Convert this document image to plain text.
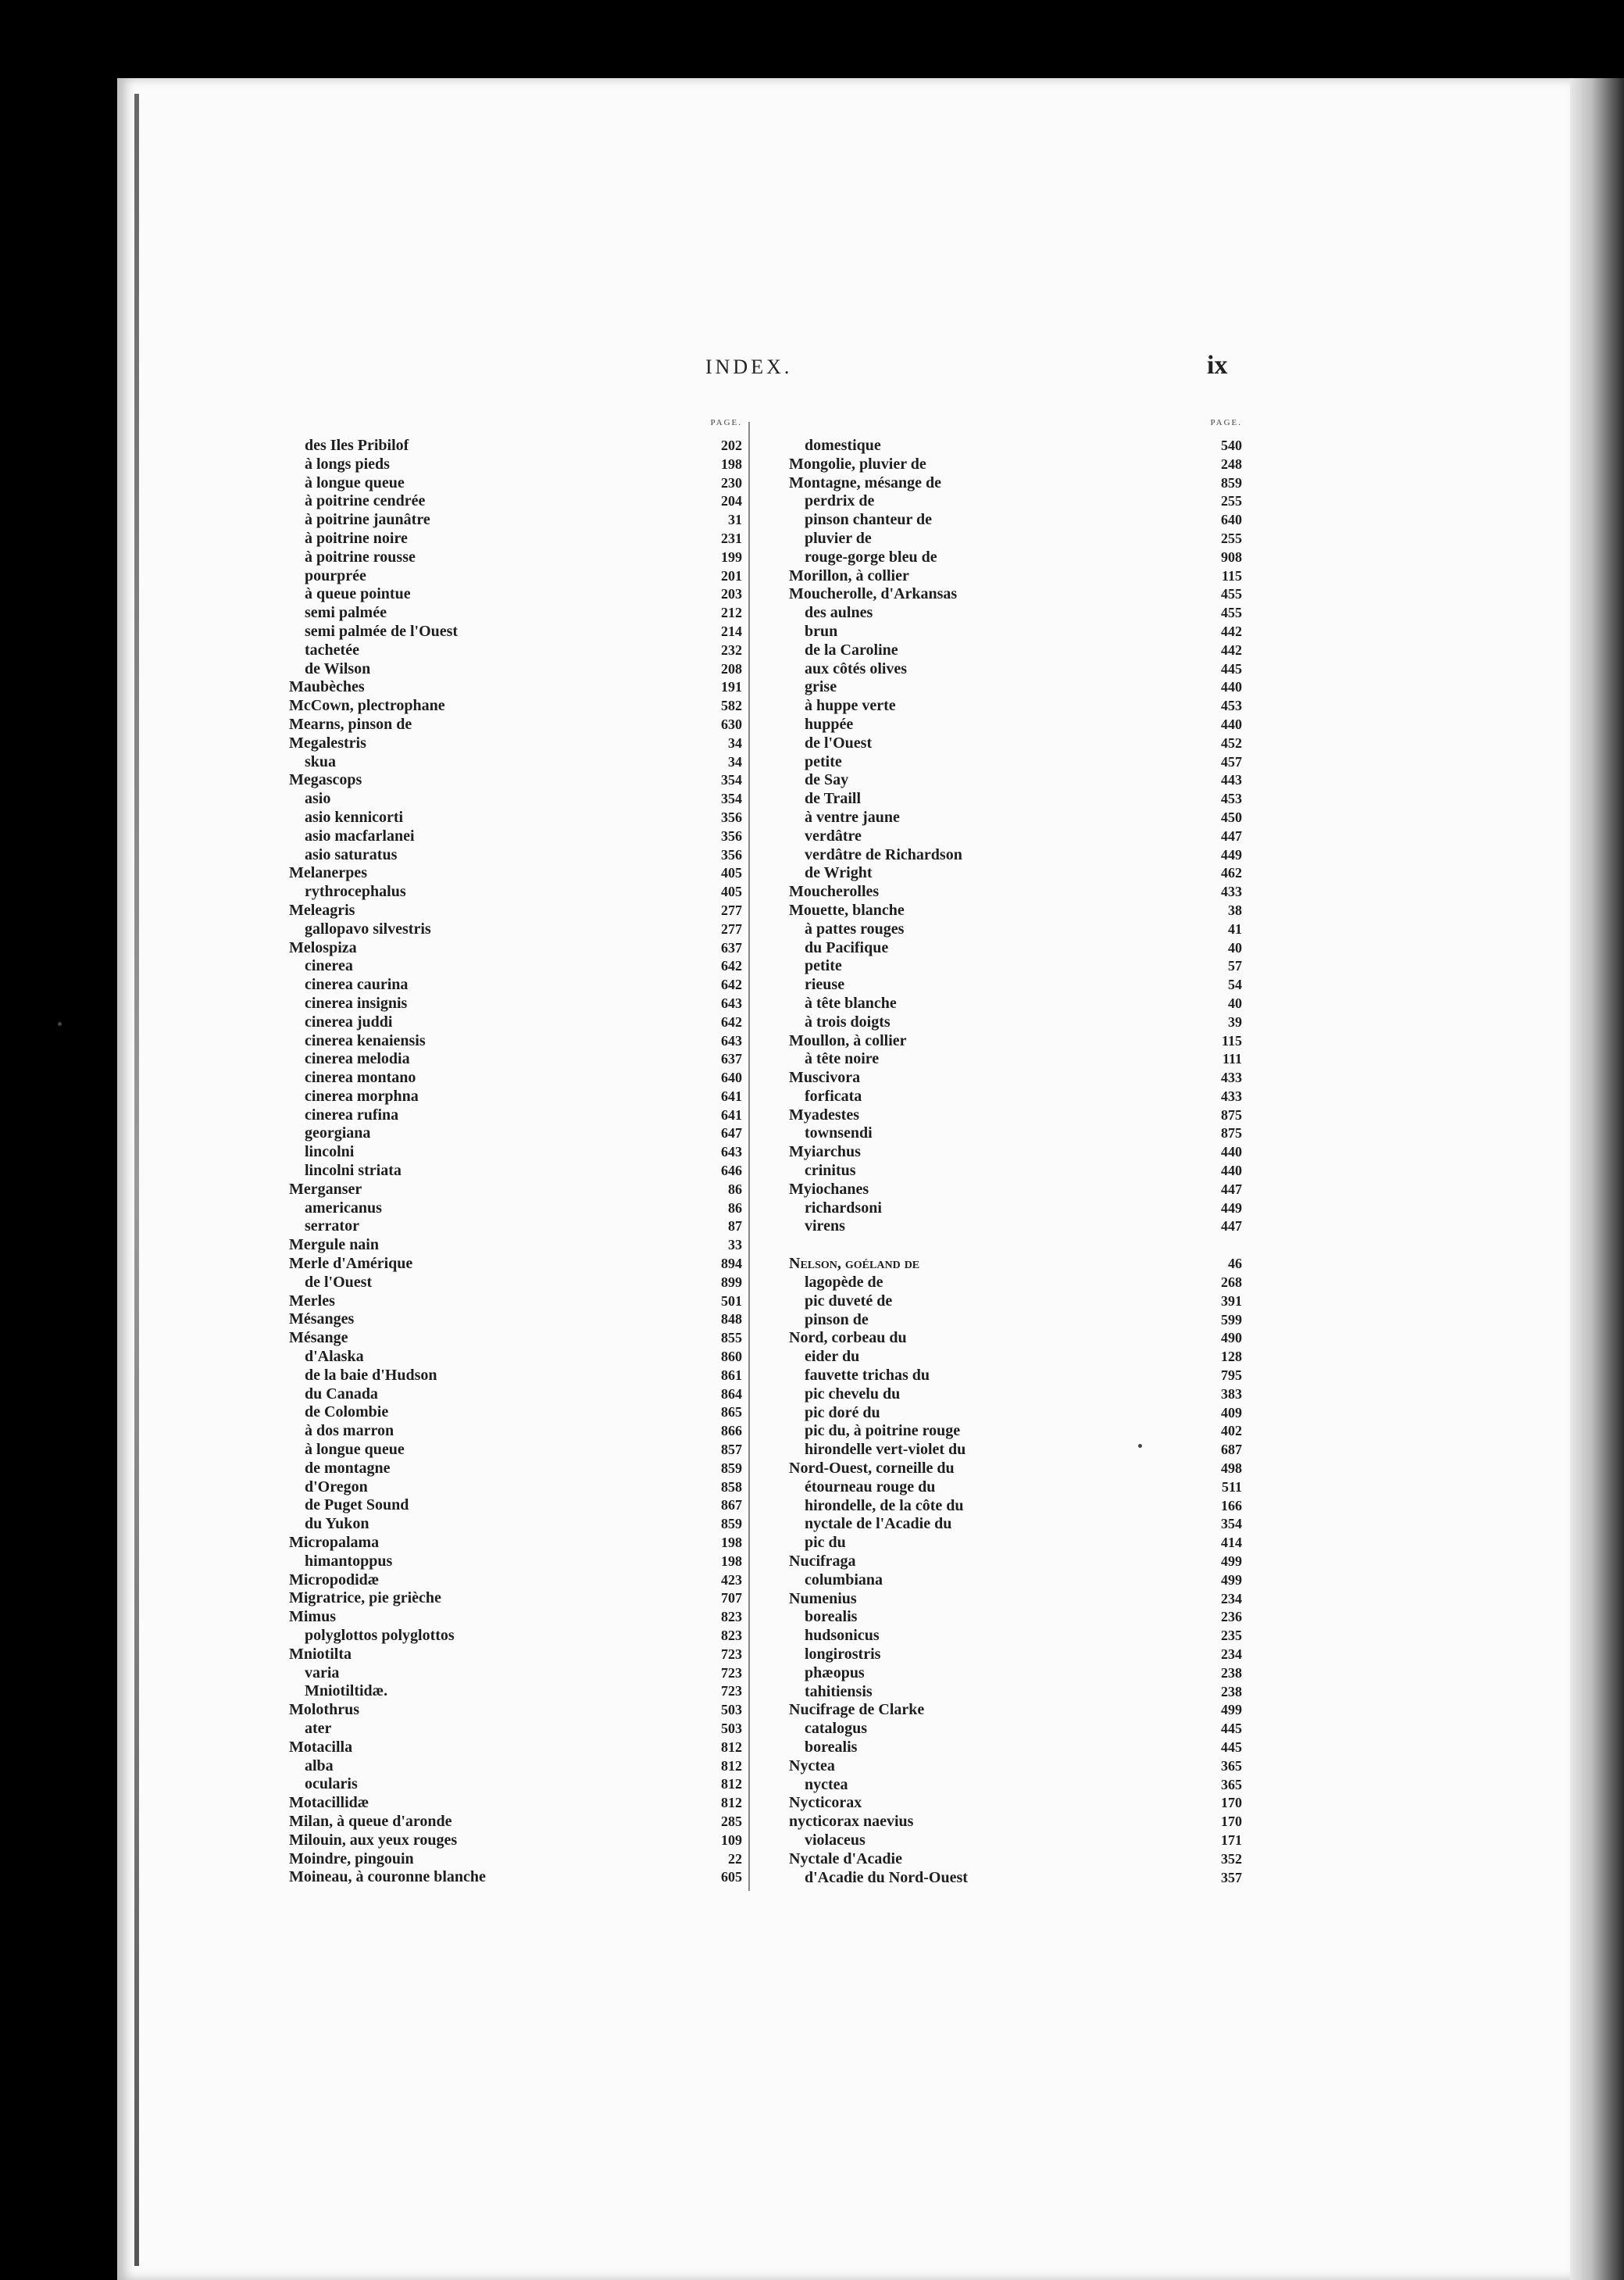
INDEX.	ix
PAGE.
des Iles Pribilof	202
à longs pieds	198
à longue queue	230
à poitrine cendrée	204
à poitrine jaunâtre	31
à poitrine noire	231
à poitrine rousse	199
pourprée	201
à queue pointue	203
semi palmée	212
semi palmée de l'Ouest	214
tachetée	232
de Wilson	208
Maubèches	191
McCown, plectrophane	582
Mearns, pinson de	630
Megalestris	34
skua	34
Megascops	354
asio	354
asio kennicorti	356
asio macfarlanei	356
asio saturatus	356
Melanerpes	405
rythrocephalus	405
Meleagris	277
gallopavo silvestris	277
Melospiza	637
cinerea	642
cinerea caurina	642
cinerea insignis	643
cinerea juddi	642
cinerea kenaiensis	643
cinerea melodia	637
cinerea montano	640
cinerea morphna	641
cinerea rufina	641
georgiana	647
lincolni	643
lincolni striata	646
Merganser	86
americanus	86
serrator	87
Mergule nain	33
Merle d'Amérique	894
de l'Ouest	899
Merles	501
Mésanges	848
Mésange	855
d'Alaska	860
de la baie d'Hudson	861
du Canada	864
de Colombie	865
à dos marron	866
à longue queue	857
de montagne	859
d'Oregon	858
de Puget Sound	867
du Yukon	859
Micropalama	198
himantoppus	198
Micropodidæ	423
Migratrice, pie grièche	707
Mimus	823
polyglottos polyglottos	823
Mniotilta	723
varia	723
Mniotiltidæ.	723
Molothrus	503
ater	503
Motacilla	812
alba	812
ocularis	812
Motacillidæ	812
Milan, à queue d'aronde	285
Milouin, aux yeux rouges	109
Moindre, pingouin	22
Moineau, à couronne blanche	605
PAGE.
domestique	540
Mongolie, pluvier de	248
Montagne, mésange de	859
perdrix de	255
pinson chanteur de	640
pluvier de	255
rouge-gorge bleu de	908
Morillon, à collier	115
Moucherolle, d'Arkansas	455
des aulnes	455
brun	442
de la Caroline	442
aux côtés olives	445
grise	440
à huppe verte	453
huppée	440
de l'Ouest	452
petite	457
de Say	443
de Traill	453
à ventre jaune	450
verdâtre	447
verdâtre de Richardson	449
de Wright	462
Moucherolles	433
Mouette, blanche	38
à pattes rouges	41
du Pacifique	40
petite	57
rieuse	54
à tête blanche	40
à trois doigts	39
Moullon, à collier	115
à tête noire	111
Muscivora	433
forficata	433
Myadestes	875
townsendi	875
Myiarchus	440
crinitus	440
Myiochanes	447
richardsoni	449
virens	447
Nelson, goéland de	46
lagopède de	268
pic duveté de	391
pinson de	599
Nord, corbeau du	490
eider du	128
fauvette trichas du	795
pic chevelu du	383
pic doré du	409
pic du, à poitrine rouge	402
hirondelle vert-violet du	687
Nord-Ouest, corneille du	498
étourneau rouge du	511
hirondelle, de la côte du	166
nyctale de l'Acadie du	354
pic du	414
Nucifraga	499
columbiana	499
Numenius	234
borealis	236
hudsonicus	235
longirostris	234
phæopus	238
tahitiensis	238
Nucifrage de Clarke	499
catalogus	445
borealis	445
Nyctea	365
nyctea	365
Nycticorax	170
nycticorax naevius	170
violaceus	171
Nyctale d'Acadie	352
d'Acadie du Nord-Ouest	357
